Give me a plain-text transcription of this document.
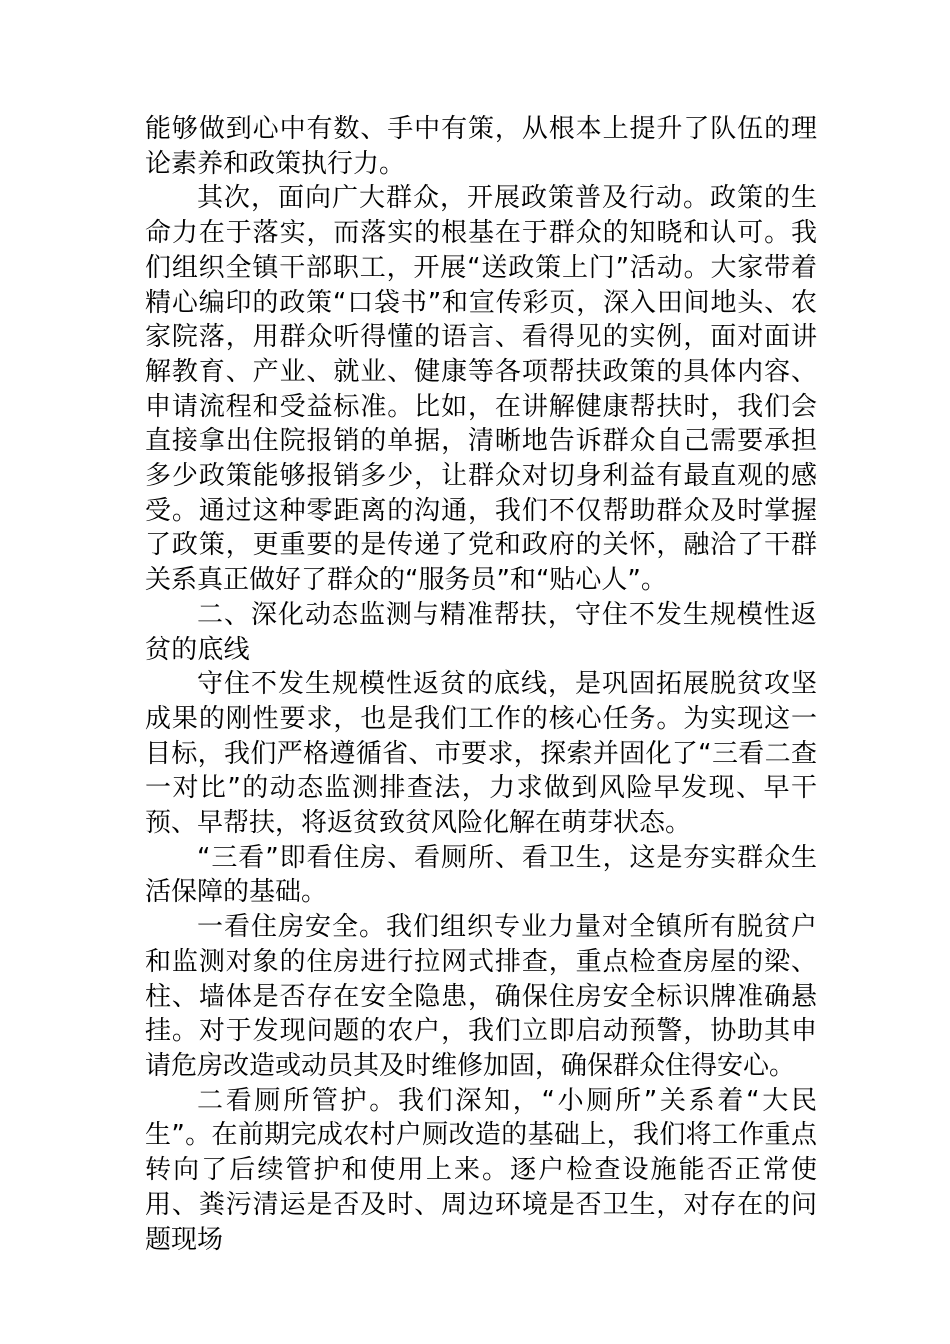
能够做到心中有数、手中有策，从根本上提升了队伍的理论素养和政策执行力。

其次，面向广大群众，开展政策普及行动。政策的生命力在于落实，而落实的根基在于群众的知晓和认可。我们组织全镇干部职工，开展“送政策上门”活动。大家带着精心编印的政策“口袋书”和宣传彩页，深入田间地头、农家院落，用群众听得懂的语言、看得见的实例，面对面讲解教育、产业、就业、健康等各项帮扶政策的具体内容、申请流程和受益标准。比如，在讲解健康帮扶时，我们会直接拿出住院报销的单据，清晰地告诉群众自己需要承担多少政策能够报销多少，让群众对切身利益有最直观的感受。通过这种零距离的沟通，我们不仅帮助群众及时掌握了政策，更重要的是传递了党和政府的关怀，融洽了干群关系真正做好了群众的“服务员”和“贴心人”。

二、深化动态监测与精准帮扶，守住不发生规模性返贫的底线

守住不发生规模性返贫的底线，是巩固拓展脱贫攻坚成果的刚性要求，也是我们工作的核心任务。为实现这一目标，我们严格遵循省、市要求，探索并固化了“三看二查一对比”的动态监测排查法，力求做到风险早发现、早干预、早帮扶，将返贫致贫风险化解在萌芽状态。

“三看”即看住房、看厕所、看卫生，这是夯实群众生活保障的基础。

一看住房安全。我们组织专业力量对全镇所有脱贫户和监测对象的住房进行拉网式排查，重点检查房屋的梁、柱、墙体是否存在安全隐患，确保住房安全标识牌准确悬挂。对于发现问题的农户，我们立即启动预警，协助其申请危房改造或动员其及时维修加固，确保群众住得安心。

二看厕所管护。我们深知，“小厕所”关系着“大民生”。在前期完成农村户厕改造的基础上，我们将工作重点转向了后续管护和使用上来。逐户检查设施能否正常使用、粪污清运是否及时、周边环境是否卫生，对存在的问题现场
